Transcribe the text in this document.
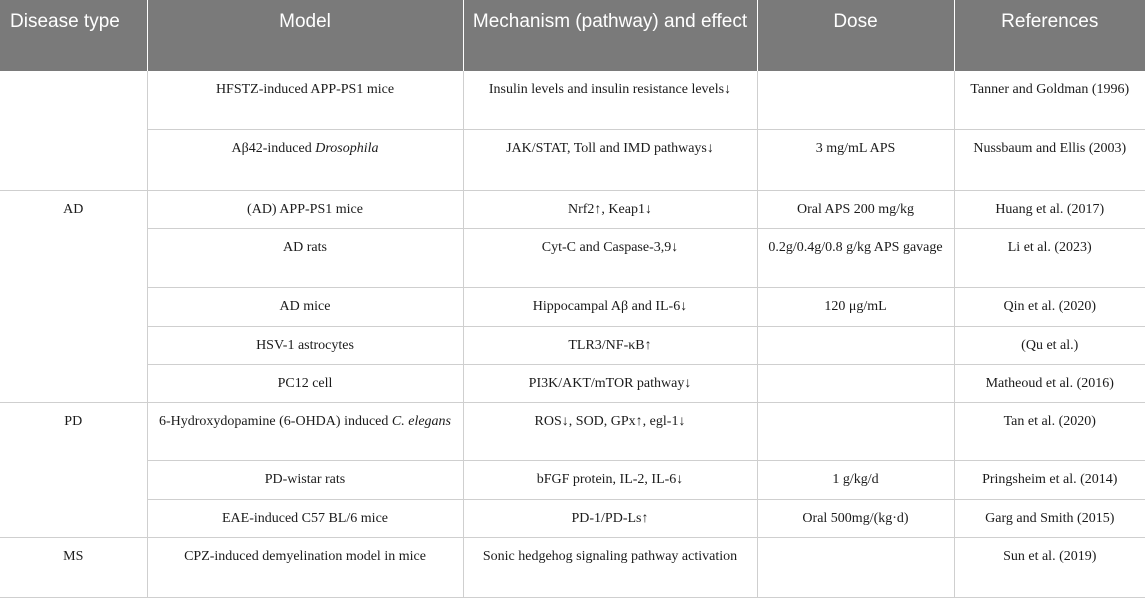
Disease type	Model	Mechanism (pathway) and effect	Dose	References
	HFSTZ-induced APP-PS1 mice	Insulin levels and insulin resistance levels↓		Tanner and Goldman (1996)
	Aβ42-induced Drosophila	JAK/STAT, Toll and IMD pathways↓	3 mg/mL APS	Nussbaum and Ellis (2003)
AD	(AD) APP-PS1 mice	Nrf2↑, Keap1↓	Oral APS 200 mg/kg	Huang et al. (2017)
	AD rats	Cyt-C and Caspase-3,9↓	0.2g/0.4g/0.8 g/kg APS gavage	Li et al. (2023)
	AD mice	Hippocampal Aβ and IL-6↓	120 μg/mL	Qin et al. (2020)
	HSV-1 astrocytes	TLR3/NF-κB↑		(Qu et al.)
	PC12 cell	PI3K/AKT/mTOR pathway↓		Matheoud et al. (2016)
PD	6-Hydroxydopamine (6-OHDA) induced C. elegans	ROS↓, SOD, GPx↑, egl-1↓		Tan et al. (2020)
	PD-wistar rats	bFGF protein, IL-2, IL-6↓	1 g/kg/d	Pringsheim et al. (2014)
	EAE-induced C57 BL/6 mice	PD-1/PD-Ls↑	Oral 500mg/(kg·d)	Garg and Smith (2015)
MS	CPZ-induced demyelination model in mice	Sonic hedgehog signaling pathway activation		Sun et al. (2019)
